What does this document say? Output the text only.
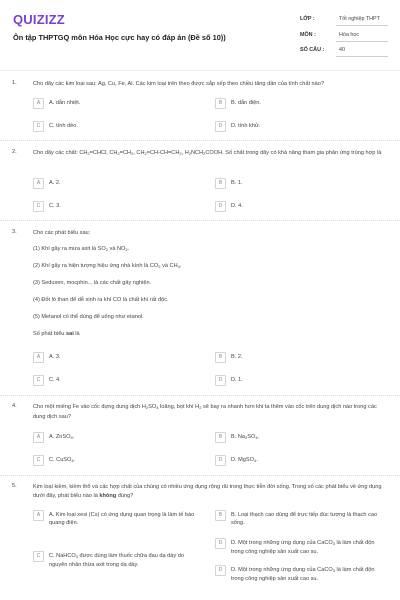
QUIZIZZ
Ôn tập THPTGQ môn Hóa Học cực hay có đáp án (Đề số 10))
LỚP :	Tốt nghiệp THPT
MÔN :	Hóa học
SỐ CÂU :	40
1.	Cho dãy các kim loại sau: Ag, Cu, Fe, Al. Các kim loại trên theo được sắp xếp theo chiều tăng dần của tính chất nào?
A	A. dẫn nhiệt.	B	B. dẫn điện.
C	C. tính dẻo.	D	D. tính khử.
2.	Cho dãy các chất: $CH_2=CHCl$, $CH_2=CH_2$, $CH_2=CH-CH=CH_2$, $H_2NCH_2COOH$. Số chất trong dãy có khả năng tham gia phản ứng trùng hợp là
A	A. 2.	B	B. 1.
C	C. 3.	D	D. 4.
3.	Cho các phát biểu sau:
(1) Khí gây ra mưa axit là $SO_2$ và $NO_2$.
(2) Khí gây ra hiện tượng hiệu ứng nhà kính là $CO_2$ và $CH_4$.
(3) Seduxen, mocphin... là các chất gây nghiện.
(4) Đốt lò than để dễ sinh ra khí CO là chất khí rất độc.
(5) Metanol có thể dùng để uống như etanol.
Số phát biểu sai là
A	A. 3.	B	B. 2.
C	C. 4.	D	D. 1.
4.	Cho một miếng Fe vào cốc đựng dung dịch $H_2SO_4$ loãng, bọt khí $H_2$ sẽ bay ra nhanh hơn khi ta thêm vào cốc trên dung dịch nào trong các dung dịch sau?
A	A. ZnSO$_4$.	B	B. $Na_2SO_4$.
C	C. CuSO$_4$.	D	D. MgSO$_4$.
5.	Kim loại kiềm, kiềm thổ và các hợp chất của chúng có nhiều ứng dụng rộng rãi trong thực tiễn đời sống. Trong số các phát biểu về ứng dụng dưới đây, phát biểu nào là không đúng?
A	A. Kim loại xesi (Cs) có ứng dụng quan trọng là làm tế bào quang điện.
B	B. Loại thạch cao dùng để trực tiếp đúc tượng là thạch cao sống.
C	C. NaHCO$_3$ được dùng làm thuốc chữa đau dạ dày do nguyên nhân thừa axit trong dạ dày.
D	D. Một trong những ứng dụng của CaCO$_3$ là làm chất độn trong công nghiệp sản xuất cao su.
D	D. Một trong những ứng dụng của CaCO$_3$ là làm chất độn trong công nghiệp sản xuất cao su.
